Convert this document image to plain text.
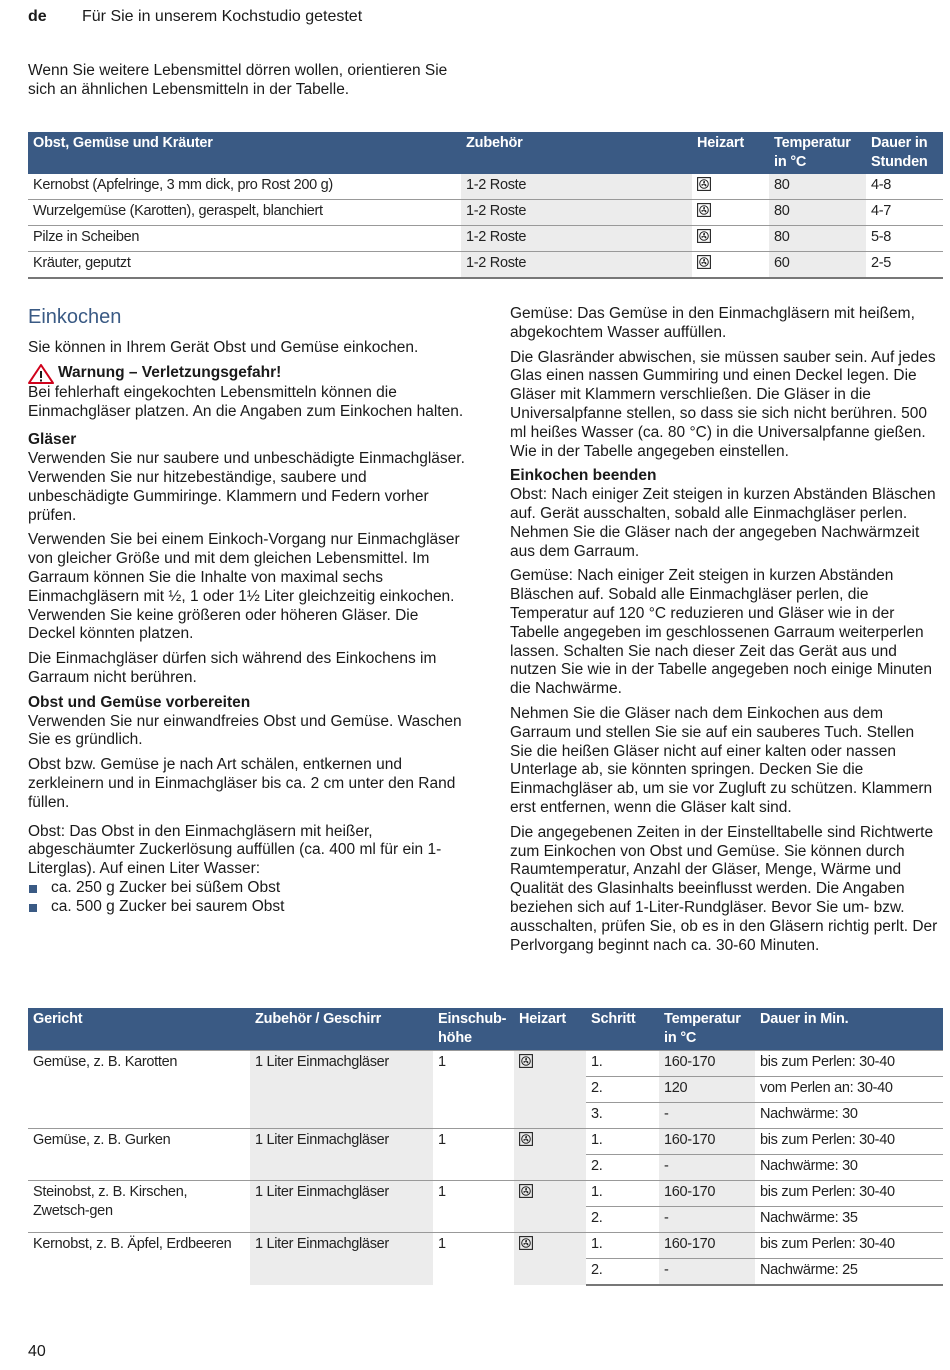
de Für Sie in unserem Kochstudio getestet
Wenn Sie weitere Lebensmittel dörren wollen, orientieren Sie sich an ähnlichen Lebensmitteln in der Tabelle.
Obst, Gemüse und Kräuter	Zubehör	Heizart	Temperatur in °C	Dauer in Stunden
Kernobst (Apfelringe, 3 mm dick, pro Rost 200 g)	1-2 Roste		80	4-8
Wurzelgemüse (Karotten), geraspelt, blanchiert	1-2 Roste		80	4-7
Pilze in Scheiben	1-2 Roste		80	5-8
Kräuter, geputzt	1-2 Roste		60	2-5
Einkochen

Sie können in Ihrem Gerät Obst und Gemüse einkochen.

Warnung – Verletzungsgefahr!

Bei fehlerhaft eingekochten Lebensmitteln können die Einmachgläser platzen. An die Angaben zum Einkochen halten.

Gläser

Verwenden Sie nur saubere und unbeschädigte Einmachgläser. Verwenden Sie nur hitzebeständige, saubere und unbeschädigte Gummiringe. Klammern und Federn vorher prüfen.

Verwenden Sie bei einem Einkoch-Vorgang nur Einmachgläser von gleicher Größe und mit dem gleichen Lebensmittel. Im Garraum können Sie die Inhalte von maximal sechs Einmachgläsern mit ½, 1 oder 1½ Liter gleichzeitig einkochen. Verwenden Sie keine größeren oder höheren Gläser. Die Deckel könnten platzen.

Die Einmachgläser dürfen sich während des Einkochens im Garraum nicht berühren.

Obst und Gemüse vorbereiten

Verwenden Sie nur einwandfreies Obst und Gemüse. Waschen Sie es gründlich.

Obst bzw. Gemüse je nach Art schälen, entkernen und zerkleinern und in Einmachgläser bis ca. 2 cm unter den Rand füllen.

Obst: Das Obst in den Einmachgläsern mit heißer, abgeschäumter Zuckerlösung auffüllen (ca. 400 ml für ein 1-Literglas). Auf einen Liter Wasser:

ca. 250 g Zucker bei süßem Obst
ca. 500 g Zucker bei saurem Obst

Gemüse: Das Gemüse in den Einmachgläsern mit heißem, abgekochtem Wasser auffüllen.

Die Glasränder abwischen, sie müssen sauber sein. Auf jedes Glas einen nassen Gummiring und einen Deckel legen. Die Gläser mit Klammern verschließen. Die Gläser in die Universalpfanne stellen, so dass sie sich nicht berühren. 500 ml heißes Wasser (ca. 80 °C) in die Universalpfanne gießen. Wie in der Tabelle angegeben einstellen.

Einkochen beenden

Obst: Nach einiger Zeit steigen in kurzen Abständen Bläschen auf. Gerät ausschalten, sobald alle Einmachgläser perlen. Nehmen Sie die Gläser nach der angegeben Nachwärmzeit aus dem Garraum.

Gemüse: Nach einiger Zeit steigen in kurzen Abständen Bläschen auf. Sobald alle Einmachgläser perlen, die Temperatur auf 120 °C reduzieren und Gläser wie in der Tabelle angegeben im geschlossenen Garraum weiterperlen lassen. Schalten Sie nach dieser Zeit das Gerät aus und nutzen Sie wie in der Tabelle angegeben noch einige Minuten die Nachwärme.

Nehmen Sie die Gläser nach dem Einkochen aus dem Garraum und stellen Sie sie auf ein sauberes Tuch. Stellen Sie die heißen Gläser nicht auf einer kalten oder nassen Unterlage ab, sie könnten springen. Decken Sie die Einmachgläser ab, um sie vor Zugluft zu schützen. Klammern erst entfernen, wenn die Gläser kalt sind.

Die angegebenen Zeiten in der Einstelltabelle sind Richtwerte zum Einkochen von Obst und Gemüse. Sie können durch Raumtemperatur, Anzahl der Gläser, Menge, Wärme und Qualität des Glasinhalts beeinflusst werden. Die Angaben beziehen sich auf 1-Liter-Rundgläser. Bevor Sie um- bzw. ausschalten, prüfen Sie, ob es in den Gläsern richtig perlt. Der Perlvorgang beginnt nach ca. 30-60 Minuten.

Gericht	Zubehör / Geschirr	Einschub-höhe	Heizart	Schritt	Temperatur in °C	Dauer in Min.
Gemüse, z. B. Karotten	1 Liter Einmachgläser	1		1.	160-170	bis zum Perlen: 30-40
				2.	120	vom Perlen an: 30-40
				3.	-	Nachwärme: 30
Gemüse, z. B. Gurken	1 Liter Einmachgläser	1		1.	160-170	bis zum Perlen: 30-40
				2.	-	Nachwärme: 30
Steinobst, z. B. Kirschen, Zwetsch-gen	1 Liter Einmachgläser	1		1.	160-170	bis zum Perlen: 30-40
				2.	-	Nachwärme: 35
Kernobst, z. B. Äpfel, Erdbeeren	1 Liter Einmachgläser	1		1.	160-170	bis zum Perlen: 30-40
				2.	-	Nachwärme: 25
40
